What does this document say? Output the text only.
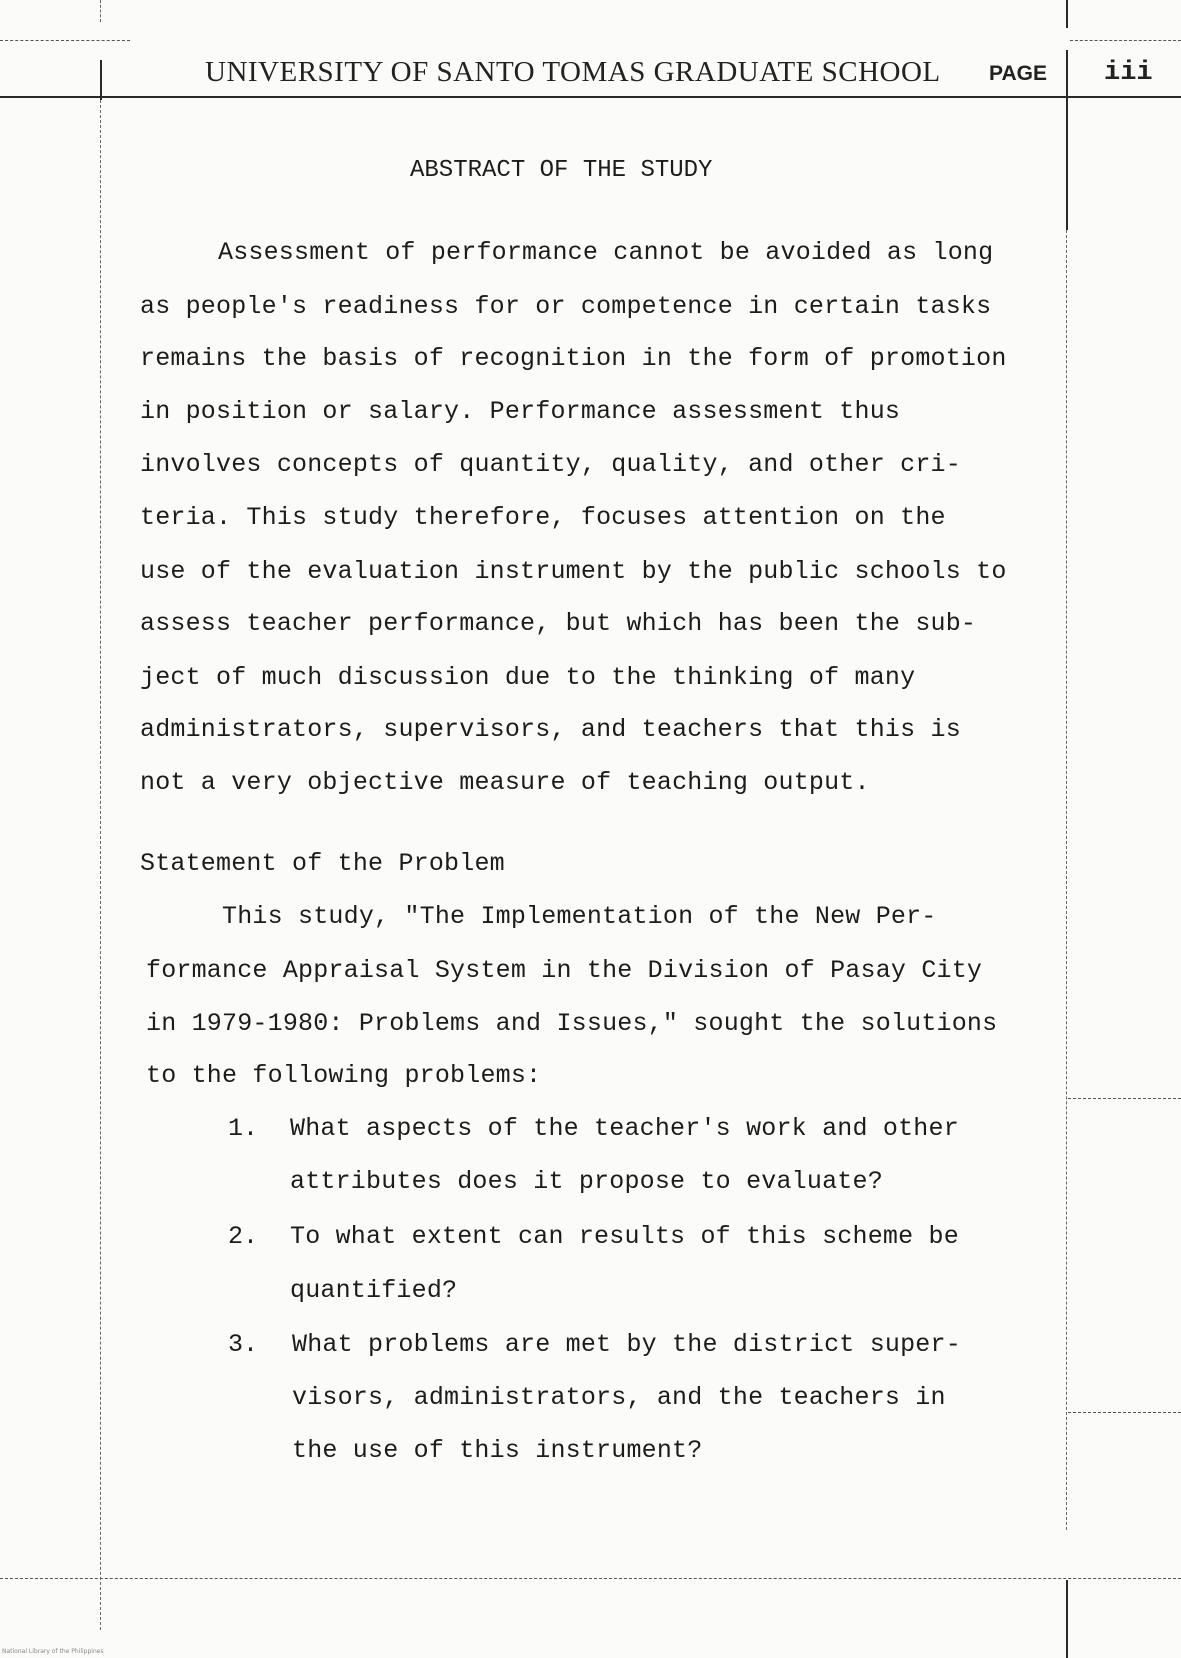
UNIVERSITY OF SANTO TOMAS GRADUATE SCHOOL PAGE iii
ABSTRACT OF THE STUDY
Assessment of performance cannot be avoided as long
as people's readiness for or competence in certain tasks
remains the basis of recognition in the form of promotion
in position or salary. Performance assessment thus
involves concepts of quantity, quality, and other cri-
teria. This study therefore, focuses attention on the
use of the evaluation instrument by the public schools to
assess teacher performance, but which has been the sub-
ject of much discussion due to the thinking of many
administrators, supervisors, and teachers that this is
not a very objective measure of teaching output.
Statement of the Problem
This study, "The Implementation of the New Per-
formance Appraisal System in the Division of Pasay City
in 1979-1980: Problems and Issues," sought the solutions
to the following problems:
1. What aspects of the teacher's work and other
attributes does it propose to evaluate?
2. To what extent can results of this scheme be
quantified?
3. What problems are met by the district super-
visors, administrators, and the teachers in
the use of this instrument?
National Library of the Philippines
